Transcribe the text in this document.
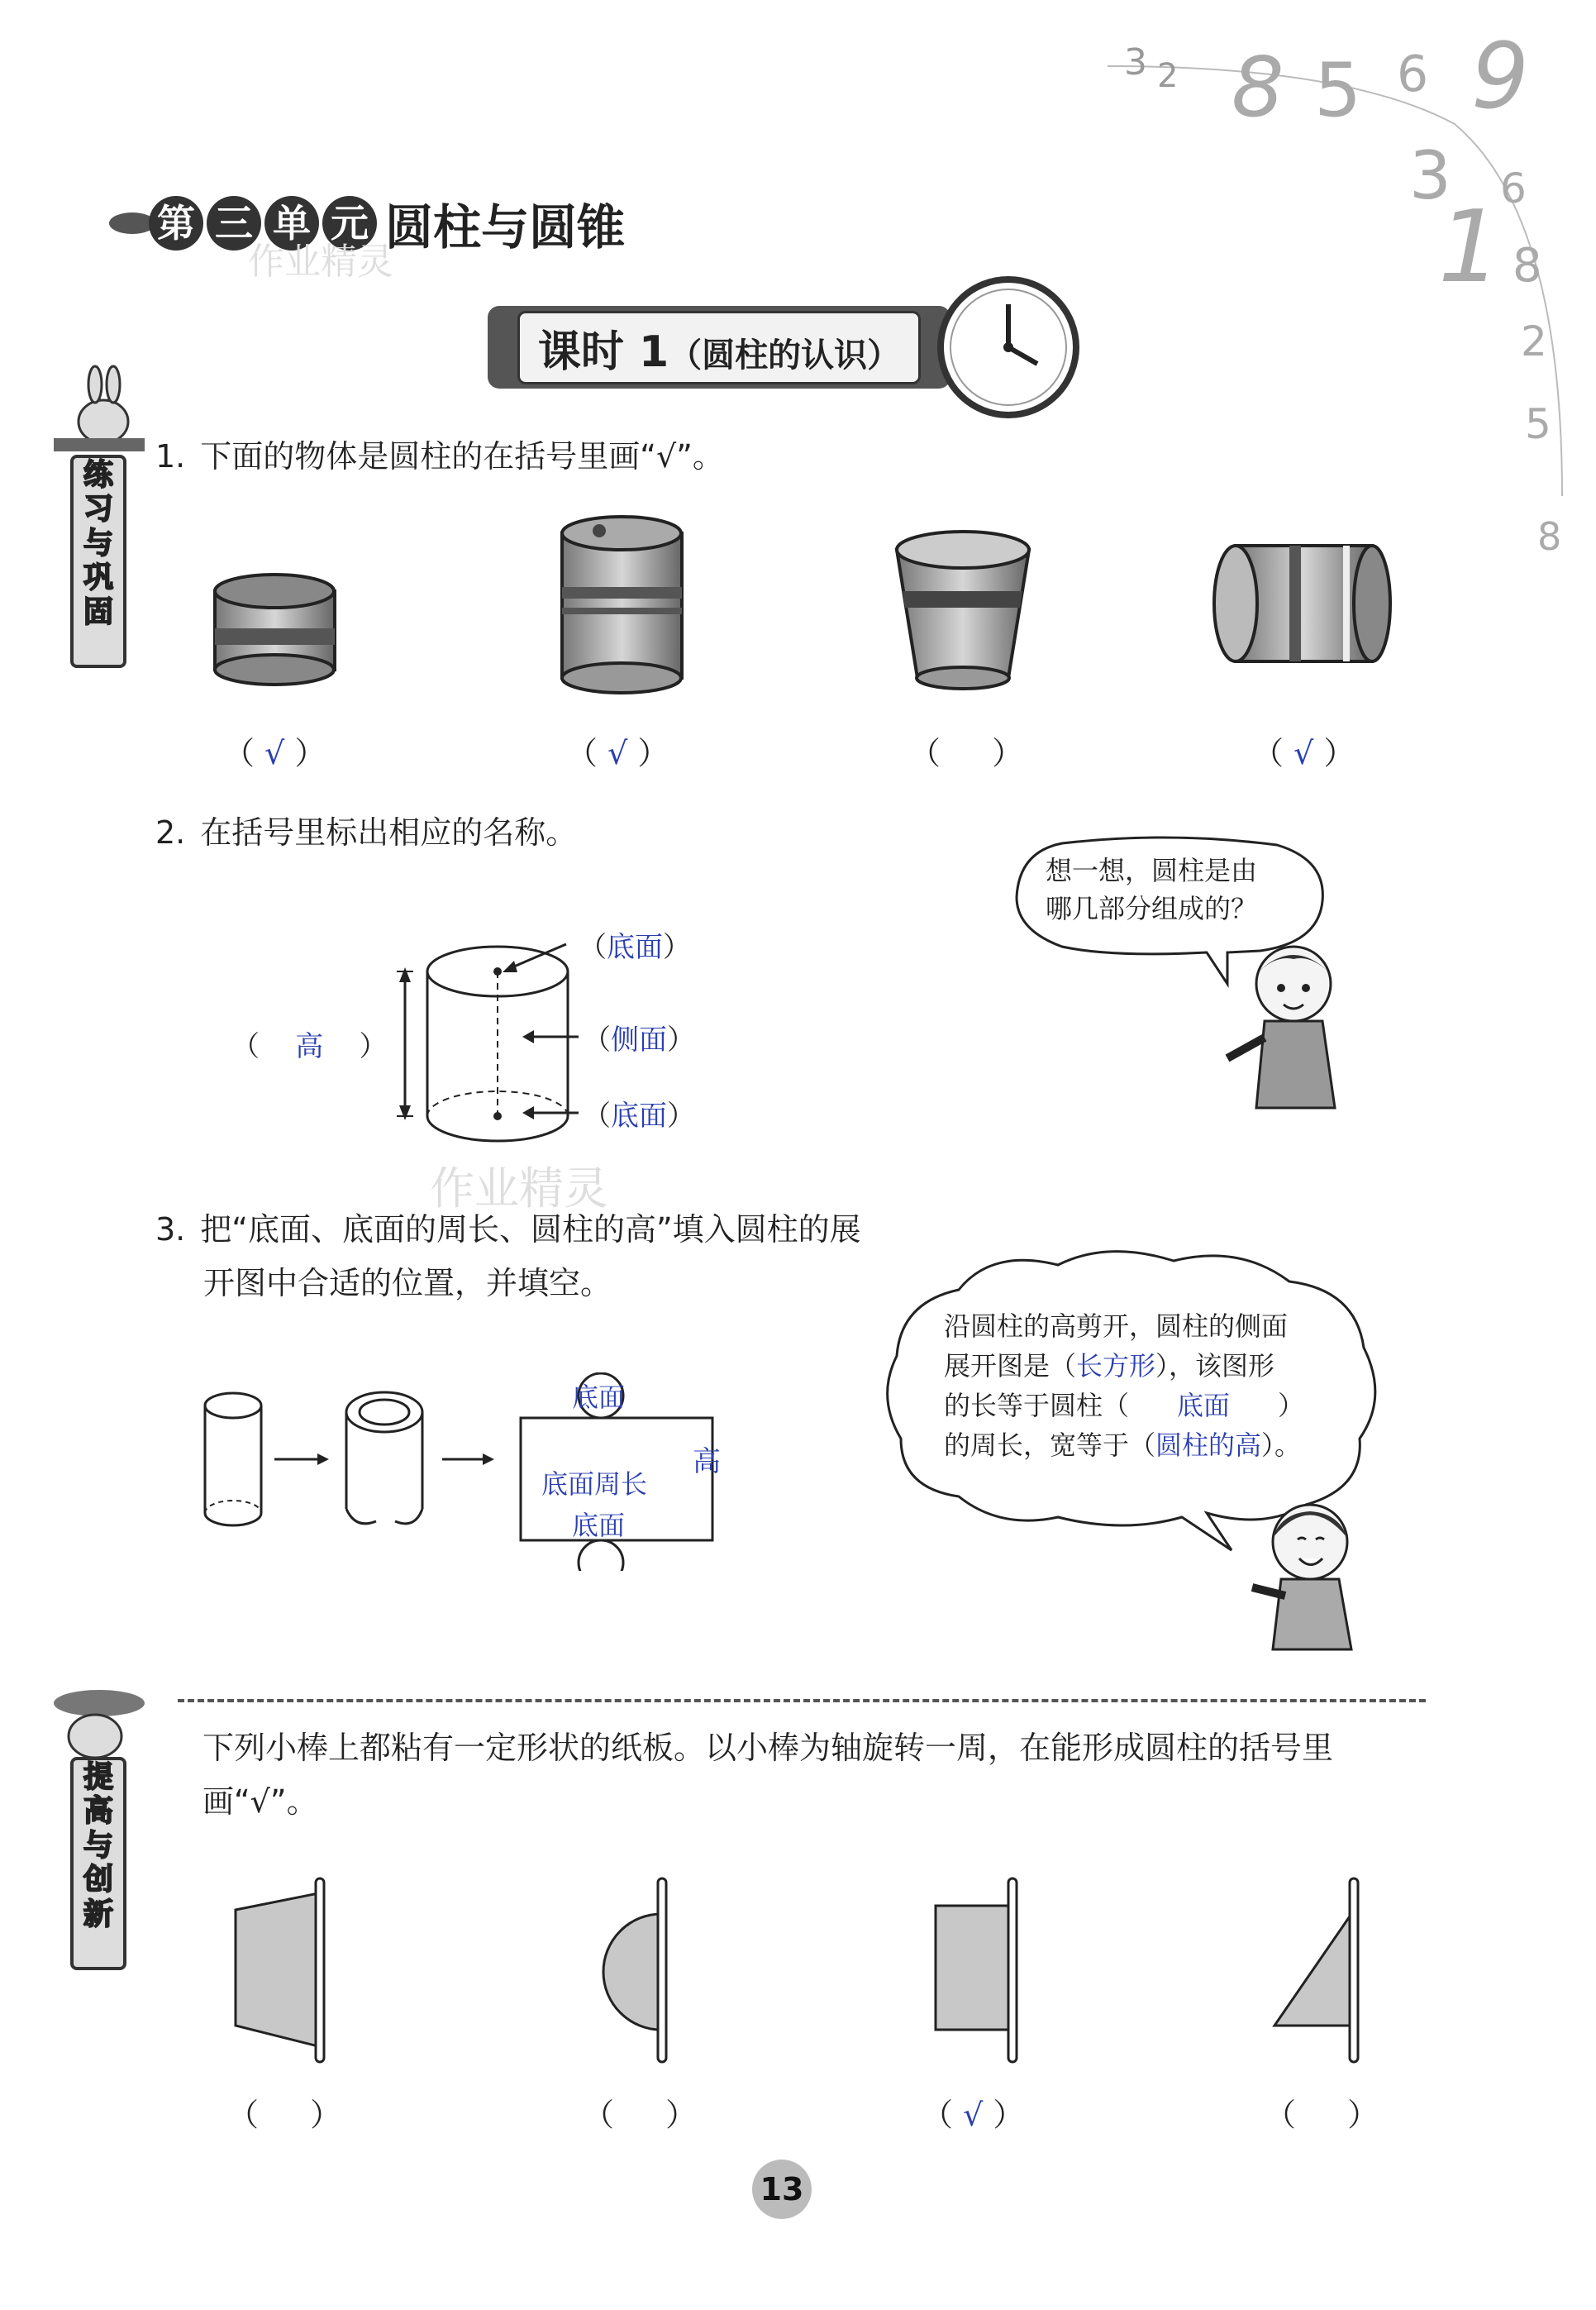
3 2 8 5 6 9
3 6
1 8
2
5
8
第 三 单 元 圆柱与圆锥
作业精灵
课时 1 （圆柱的认识）
练
习
与
巩
固
提
高
与
创
新
1. 下面的物体是圆柱的在括号里画“√”。
（ √ ）	（ √ ）	（  ）	（ √ ）
2. 在括号里标出相应的名称。
（底面）
（侧面）
（底面）
（    高    ）
作业精灵
想一想，圆柱是由
哪几部分组成的？
3. 把“底面、底面的周长、圆柱的高”填入圆柱的展
开图中合适的位置，并填空。
底面
底面周长
底面
高
沿圆柱的高剪开，圆柱的侧面
展开图是（长方形），该图形
的长等于圆柱（ 底面 ）
的周长，宽等于（圆柱的高）。
下列小棒上都粘有一定形状的纸板。以小棒为轴旋转一周，在能形成圆柱的括号里
画“√”。
（  ）	（  ）	（ √ ）	（  ）
13
